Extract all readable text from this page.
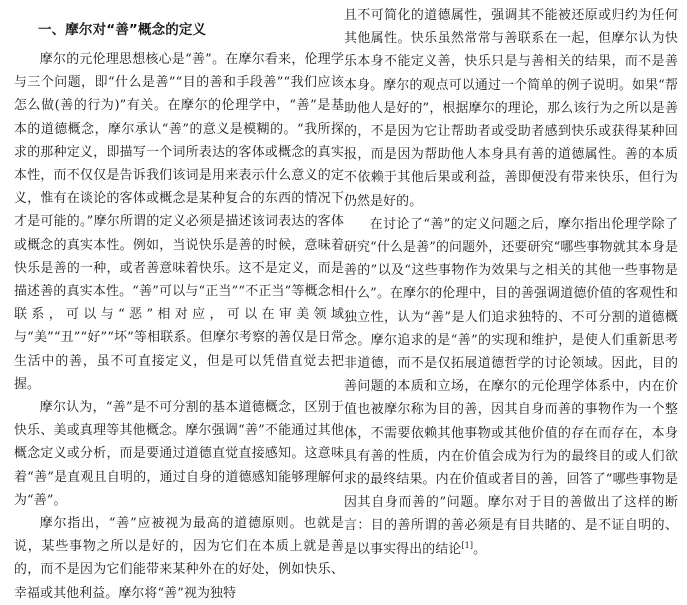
一、摩尔对“善”概念的定义

摩尔的元伦理思想核心是“善”。在摩尔看来，伦理学与三个问题，即“什么是善”“目的善和手段善”“我们应该怎么做(善的行为)”有关。在摩尔的伦理学中，“善”是基本的道德概念，摩尔承认“善”的意义是模糊的。“我所探求的那种定义，即描写一个词所表达的客体或概念的真实本性，而不仅仅是告诉我们该词是用来表示什么意义的定义，惟有在谈论的客体或概念是某种复合的东西的情况下才是可能的。”摩尔所谓的定义必须是描述该词表达的客体或概念的真实本性。例如，当说快乐是善的时候，意味着快乐是善的一种，或者善意味着快乐。这不是定义，而是描述善的真实本性。“善”可以与“正当”“不正当”等概念相联系，可以与“恶”相对应，可以在审美领域与“美”“丑”“好”“坏”等相联系。但摩尔考察的善仅是日常生活中的善，虽不可直接定义，但是可以凭借直觉去把握。

摩尔认为，“善”是不可分割的基本道德概念，区别于快乐、美或真理等其他概念。摩尔强调“善”不能通过其他概念定义或分析，而是要通过道德直觉直接感知。这意味着“善”是直观且自明的，通过自身的道德感知能够理解何为“善”。

摩尔指出，“善”应被视为最高的道德原则。也就是说，某些事物之所以是好的，因为它们在本质上就是善的，而不是因为它们能带来某种外在的好处，例如快乐、幸福或其他利益。摩尔将“善”视为独特

且不可简化的道德属性，强调其不能被还原或归约为任何其他属性。快乐虽然常常与善联系在一起，但摩尔认为快乐本身不能定义善，快乐只是与善相关的结果，而不是善本身。摩尔的观点可以通过一个简单的例子说明。如果“帮助他人是好的”，根据摩尔的理论，那么该行为之所以是善的，不是因为它让帮助者或受助者感到快乐或获得某种回报，而是因为帮助他人本身具有善的道德属性。善的本质不依赖于其他后果或利益，善即便没有带来快乐，但行为仍然是好的。

在讨论了“善”的定义问题之后，摩尔指出伦理学除了研究“什么是善”的问题外，还要研究“哪些事物就其本身是善的”以及“这些事物作为效果与之相关的其他一些事物是什么”。在摩尔的伦理中，目的善强调道德价值的客观性和独立性，认为“善”是人们追求独特的、不可分割的道德概念。摩尔追求的是“善”的实现和维护，是使人们重新思考非道德，而不是仅拓展道德哲学的讨论领域。因此，目的善问题的本质和立场，在摩尔的元伦理学体系中，内在价值也被摩尔称为目的善，因其自身而善的事物作为一个整体，不需要依赖其他事物或其他价值的存在而存在，本身具有善的性质，内在价值会成为行为的最终目的或人们欲求的最终结果。内在价值或者目的善，回答了“哪些事物是因其自身而善的”问题。摩尔对于目的善做出了这样的断言：目的善所谓的善必须是有目共睹的、是不证自明的、是以事实得出的结论[1]。
